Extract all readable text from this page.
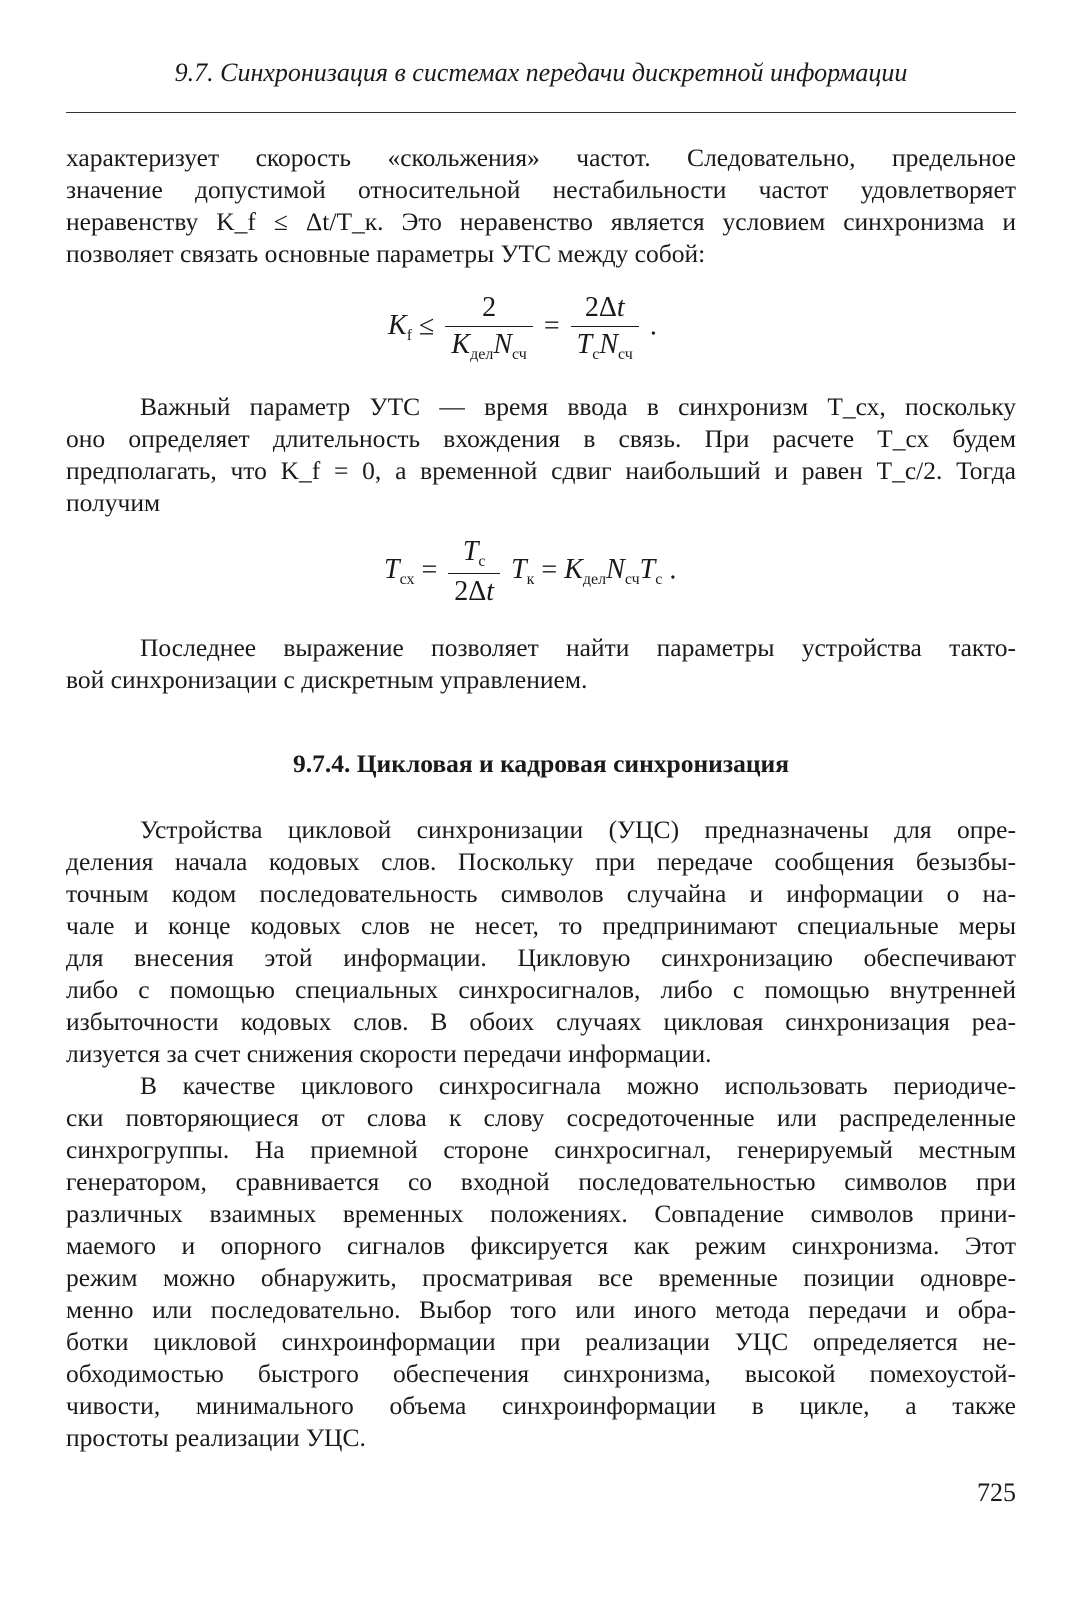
9.7. Синхронизация в системах передачи дискретной информации

характеризует скорость «скольжения» частот. Следовательно, предельное
значение допустимой относительной нестабильности частот удовлетворяет
неравенству K_f ≤ Δt/T_к. Это неравенство является условием синхронизма и
позволяет связать основные параметры УТС между собой:

$K_f \le \frac{2}{K_{дел}N_{сч}} = \frac{2\Delta t}{T_сN_{сч}}$ .

Важный параметр УТС — время ввода в синхронизм T_сх, поскольку
оно определяет длительность вхождения в связь. При расчете T_сх будем
предполагать, что K_f = 0, а временной сдвиг наибольший и равен T_с/2. Тогда
получим

$T_{сх} = \frac{T_с}{2\Delta t} T_к = K_{дел}N_{сч}T_с$ .

Последнее выражение позволяет найти параметры устройства такто-
вой синхронизации с дискретным управлением.

9.7.4. Цикловая и кадровая синхронизация

Устройства цикловой синхронизации (УЦС) предназначены для опре-
деления начала кодовых слов. Поскольку при передаче сообщения безызбы-
точным кодом последовательность символов случайна и информации о на-
чале и конце кодовых слов не несет, то предпринимают специальные меры
для внесения этой информации. Цикловую синхронизацию обеспечивают
либо с помощью специальных синхросигналов, либо с помощью внутренней
избыточности кодовых слов. В обоих случаях цикловая синхронизация реа-
лизуется за счет снижения скорости передачи информации.

В качестве циклового синхросигнала можно использовать периодиче-
ски повторяющиеся от слова к слову сосредоточенные или распределенные
синхрогруппы. На приемной стороне синхросигнал, генерируемый местным
генератором, сравнивается со входной последовательностью символов при
различных взаимных временных положениях. Совпадение символов прини-
маемого и опорного сигналов фиксируется как режим синхронизма. Этот
режим можно обнаружить, просматривая все временные позиции одновре-
менно или последовательно. Выбор того или иного метода передачи и обра-
ботки цикловой синхроинформации при реализации УЦС определяется не-
обходимостью быстрого обеспечения синхронизма, высокой помехоустой-
чивости, минимального объема синхроинформации в цикле, а также
простоты реализации УЦС.

725
